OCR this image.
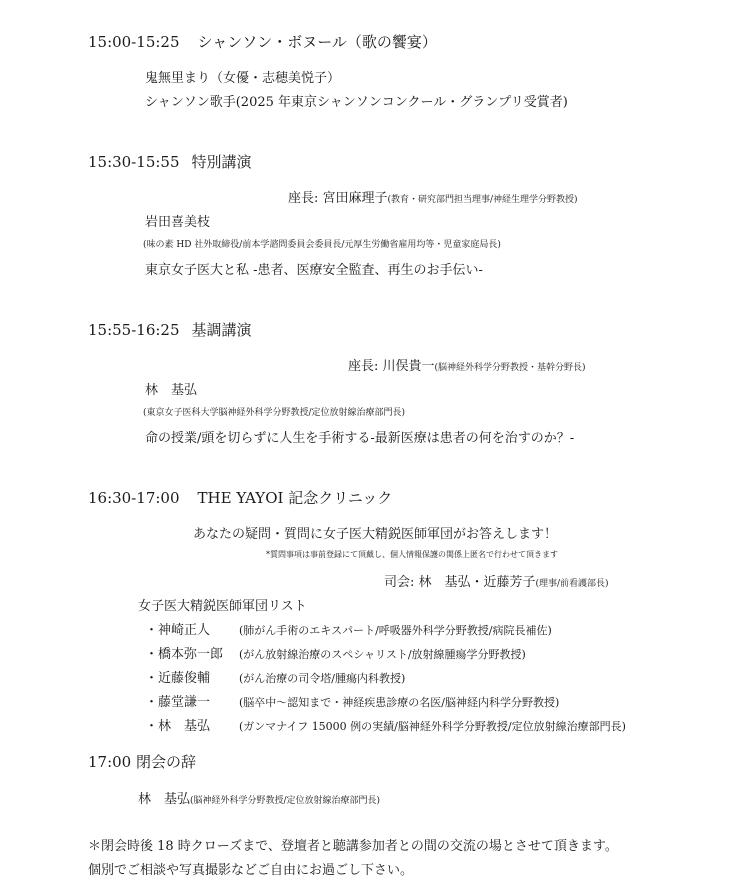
15:00-15:25 シャンソン・ボヌール（歌の饗宴）
鬼無里まり（女優・志穂美悦子）
シャンソン歌手(2025 年東京シャンソンコンクール・グランプリ受賞者)
15:30-15:55 特別講演
座長: 宮田麻理子(教育・研究部門担当理事/神経生理学分野教授)
岩田喜美枝
(味の素 HD 社外取締役/前本学諮問委員会委員長/元厚生労働省雇用均等・児童家庭局長)
東京女子医大と私 -患者、医療安全監査、再生のお手伝い-
15:55-16:25 基調講演
座長: 川俣貴一(脳神経外科学分野教授・基幹分野長)
林　基弘
(東京女子医科大学脳神経外科学分野教授/定位放射線治療部門長)
命の授業/頭を切らずに人生を手術する-最新医療は患者の何を治すのか？-
16:30-17:00 THE YAYOI 記念クリニック
あなたの疑問・質問に女子医大精鋭医師軍団がお答えします！
*質問事項は事前登録にて頂戴し、個人情報保護の関係上匿名で行わせて頂きます
司会: 林　基弘・近藤芳子(理事/前看護部長)
女子医大精鋭医師軍団リスト
・神崎正人	(肺がん手術のエキスパート/呼吸器外科学分野教授/病院長補佐)
・橋本弥一郎 (がん放射線治療のスペシャリスト/放射線腫瘍学分野教授)
・近藤俊輔	(がん治療の司令塔/腫瘍内科教授)
・藤堂謙一	(脳卒中～認知まで・神経疾患診療の名医/脳神経内科学分野教授)
・林　基弘	(ガンマナイフ 15000 例の実績/脳神経外科学分野教授/定位放射線治療部門長)
17:00 閉会の辞
林　基弘(脳神経外科学分野教授/定位放射線治療部門長)
＊閉会時後 18 時クローズまで、登壇者と聴講参加者との間の交流の場とさせて頂きます。
個別でご相談や写真撮影などご自由にお過ごし下さい。
